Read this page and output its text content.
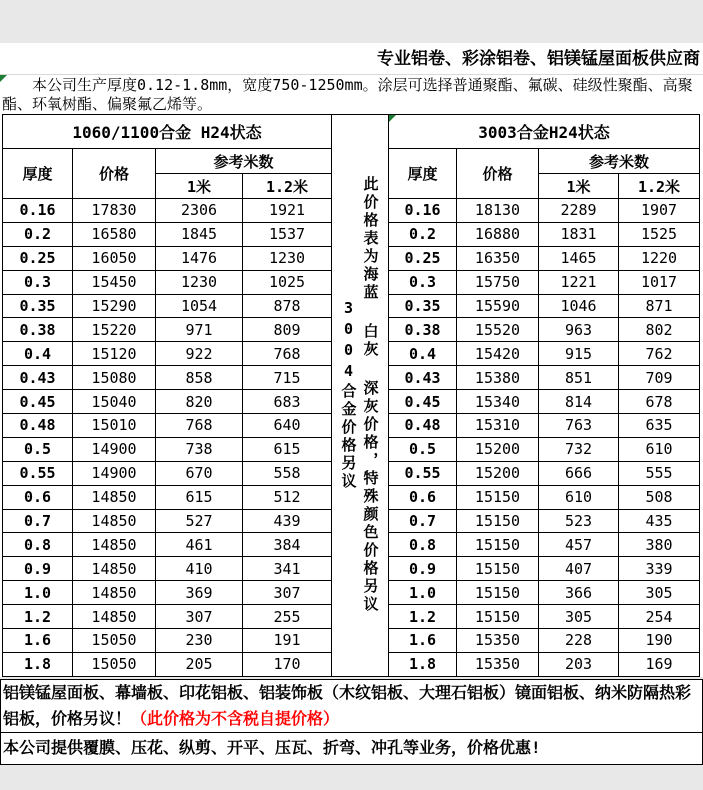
专业铝卷、彩涂铝卷、铝镁锰屋面板供应商

本公司生产厚度0.12-1.8mm，宽度750-1250mm。涂层可选择普通聚酯、氟碳、硅级性聚酯、高聚酯、环氧树酯、偏聚氟乙烯等。

1060/1100合金 H24状态			
厚度	价格	参考米数	
		1米	1.2米
0.16	17830	2306	1921
0.2	16580	1845	1537
0.25	16050	1476	1230
0.3	15450	1230	1025
0.35	15290	1054	878
0.38	15220	971	809
0.4	15120	922	768
0.43	15080	858	715
0.45	15040	820	683
0.48	15010	768	640
0.5	14900	738	615
0.55	14900	670	558
0.6	14850	615	512
0.7	14850	527	439
0.8	14850	461	384
0.9	14850	410	341
1.0	14850	369	307
1.2	14850	307	255
1.6	15050	230	191
1.8	15050	205	170
3004合金价格另议 此价格表为海蓝 白灰 深灰价格，特殊颜色价格另议
3003合金H24状态			
厚度	价格	参考米数	
		1米	1.2米
0.16	18130	2289	1907
0.2	16880	1831	1525
0.25	16350	1465	1220
0.3	15750	1221	1017
0.35	15590	1046	871
0.38	15520	963	802
0.4	15420	915	762
0.43	15380	851	709
0.45	15340	814	678
0.48	15310	763	635
0.5	15200	732	610
0.55	15200	666	555
0.6	15150	610	508
0.7	15150	523	435
0.8	15150	457	380
0.9	15150	407	339
1.0	15150	366	305
1.2	15150	305	254
1.6	15350	228	190
1.8	15350	203	169
铝镁锰屋面板、幕墙板、印花铝板、铝装饰板（木纹铝板、大理石铝板）镜面铝板、纳米防隔热彩铝板，价格另议！（此价格为不含税自提价格）
本公司提供覆膜、压花、纵剪、开平、压瓦、折弯、冲孔等业务，价格优惠!
